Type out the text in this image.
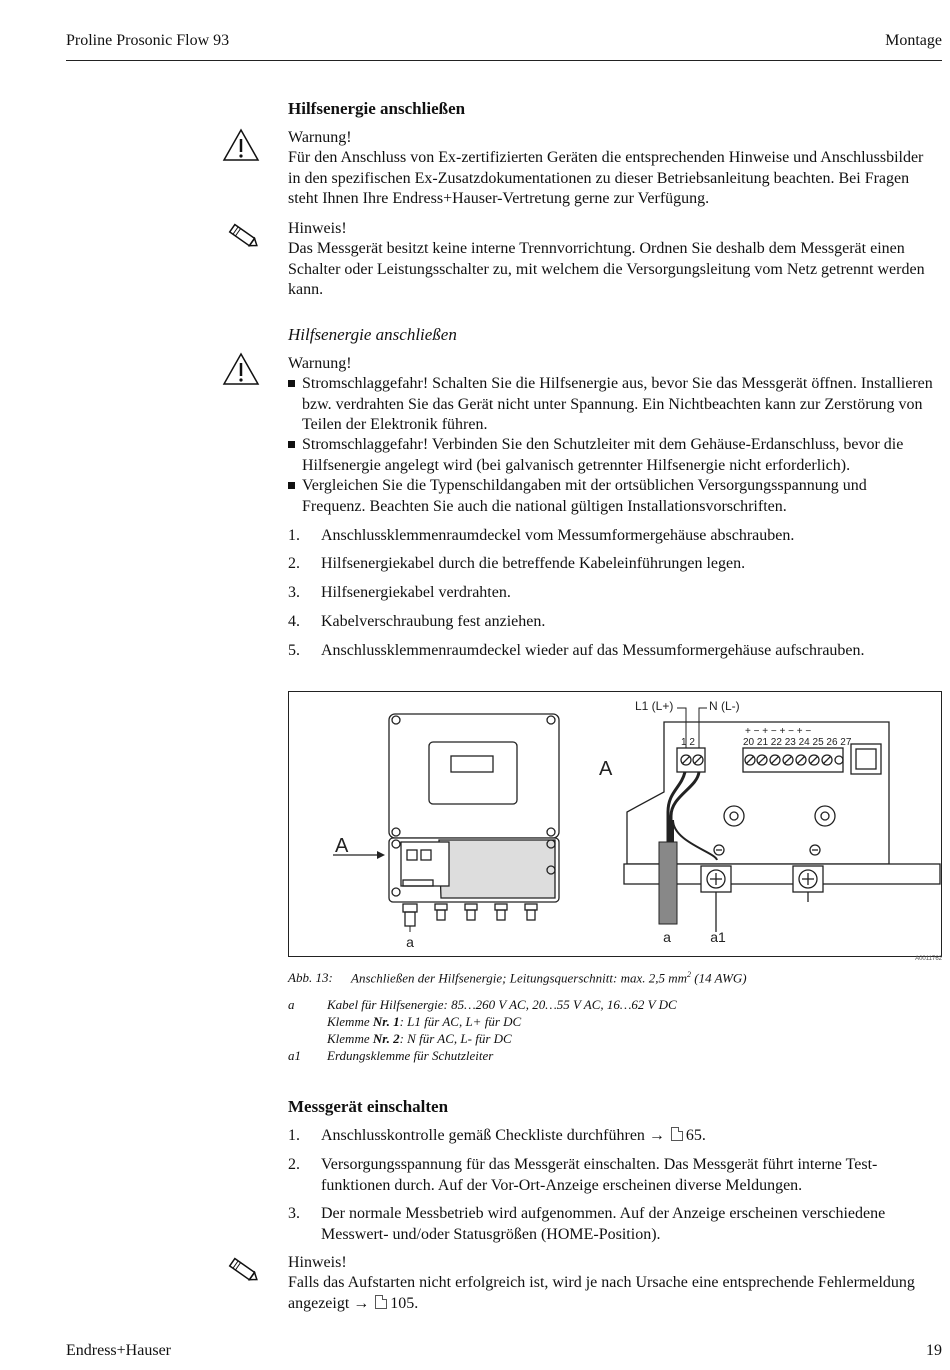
Proline Prosonic Flow 93	Montage
Hilfsenergie anschließen
Warnung!
Für den Anschluss von Ex-zertifizierten Geräten die entsprechenden Hinweise und Anschlussbilder
in den spezifischen Ex-Zusatzdokumentationen zu dieser Betriebsanleitung beachten. Bei Fragen
steht Ihnen Ihre Endress+Hauser-Vertretung gerne zur Verfügung.
Hinweis!
Das Messgerät besitzt keine interne Trennvorrichtung. Ordnen Sie deshalb dem Messgerät einen
Schalter oder Leistungsschalter zu, mit welchem die Versorgungsleitung vom Netz getrennt werden
kann.
Hilfsenergie anschließen
Warnung!
Stromschlaggefahr! Schalten Sie die Hilfsenergie aus, bevor Sie das Messgerät öffnen. Installieren
bzw. verdrahten Sie das Gerät nicht unter Spannung. Ein Nichtbeachten kann zur Zerstörung von
Teilen der Elektronik führen.
Stromschlaggefahr! Verbinden Sie den Schutzleiter mit dem Gehäuse-Erdanschluss, bevor die
Hilfsenergie angelegt wird (bei galvanisch getrennter Hilfsenergie nicht erforderlich).
Vergleichen Sie die Typenschildangaben mit der ortsüblichen Versorgungsspannung und
Frequenz. Beachten Sie auch die national gültigen Installationsvorschriften.
1. Anschlussklemmenraumdeckel vom Messumformergehäuse abschrauben.
2. Hilfsenergiekabel durch die betreffende Kabeleinführungen legen.
3. Hilfsenergiekabel verdrahten.
4. Kabelverschraubung fest anziehen.
5. Anschlussklemmenraumdeckel wieder auf das Messumformergehäuse aufschrauben.
A
a
L1 (L+)	N (L-)
1 2	20 21 22 23 24 25 26 27
+ − + − + − + −
A
a	a1
A0011762
Abb. 13: Anschließen der Hilfsenergie; Leitungsquerschnitt: max. 2,5 $mm^2$ (14 AWG)
a	Kabel für Hilfsenergie: 85…260 V AC, 20…55 V AC, 16…62 V DC
Klemme Nr. 1: L1 für AC, L+ für DC
Klemme Nr. 2: N für AC, L- für DC
a1 Erdungsklemme für Schutzleiter
Messgerät einschalten
1. Anschlusskontrolle gemäß Checkliste durchführen → 65.
2. Versorgungsspannung für das Messgerät einschalten. Das Messgerät führt interne Test-
funktionen durch. Auf der Vor-Ort-Anzeige erscheinen diverse Meldungen.
3. Der normale Messbetrieb wird aufgenommen. Auf der Anzeige erscheinen verschiedene
Messwert- und/oder Statusgrößen (HOME-Position).
Hinweis!
Falls das Aufstarten nicht erfolgreich ist, wird je nach Ursache eine entsprechende Fehlermeldung
angezeigt → 105.
Endress+Hauser	19
